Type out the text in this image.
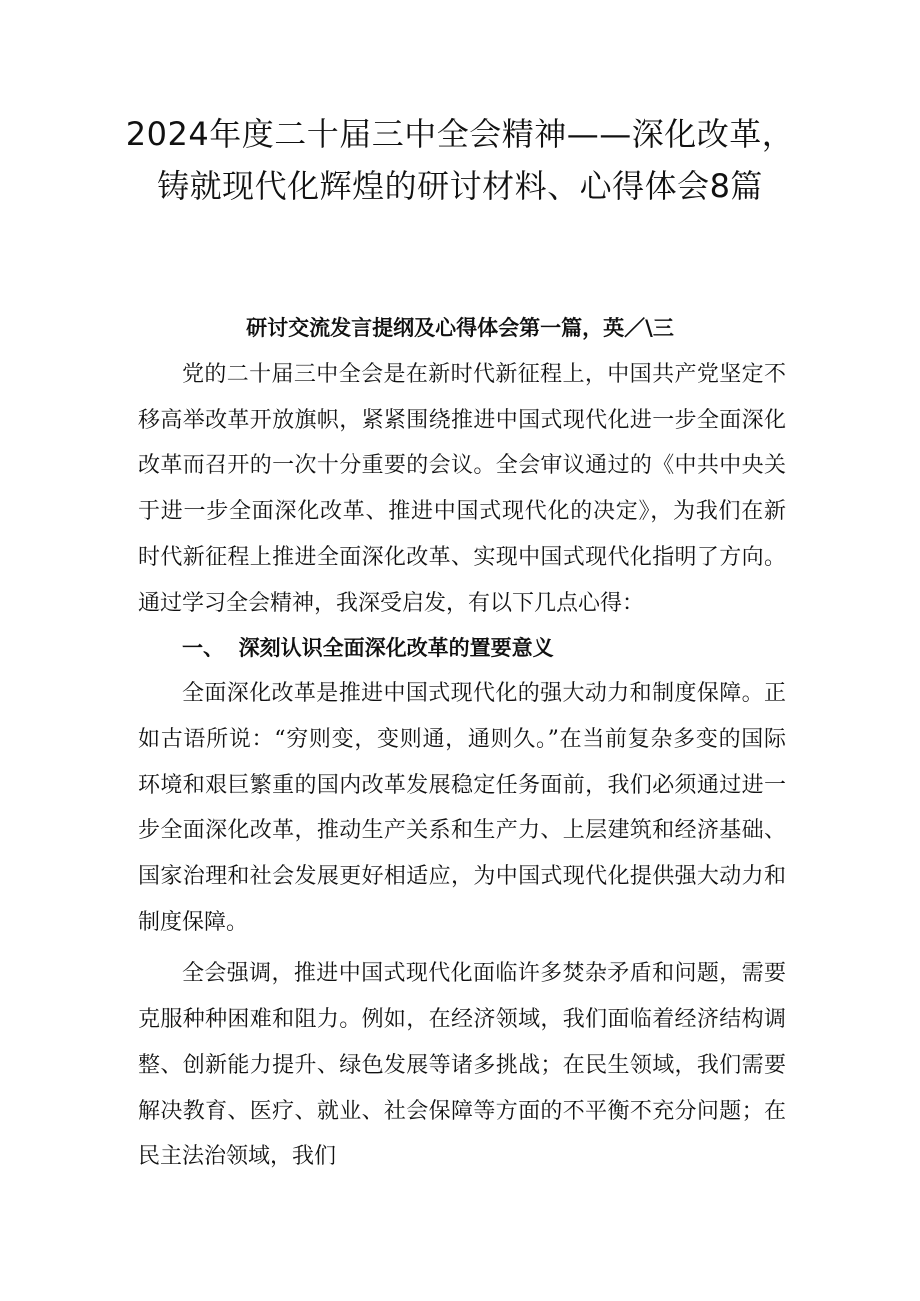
2024年度二十届三中全会精神——深化改革，铸就现代化辉煌的研讨材料、心得体会8篇
研讨交流发言提纲及心得体会第一篇，英／\三

党的二十届三中全会是在新时代新征程上，中国共产党坚定不移高举改革开放旗帜，紧紧围绕推进中国式现代化进一步全面深化改革而召开的一次十分重要的会议。全会审议通过的《中共中央关于进一步全面深化改革、推进中国式现代化的决定》，为我们在新时代新征程上推进全面深化改革、实现中国式现代化指明了方向。通过学习全会精神，我深受启发，有以下几点心得：

一、  深刻认识全面深化改革的置要意义

全面深化改革是推进中国式现代化的强大动力和制度保障。正如古语所说：“穷则变，变则通，通则久。”在当前复杂多变的国际环境和艰巨繁重的国内改革发展稳定任务面前，我们必须通过进一步全面深化改革，推动生产关系和生产力、上层建筑和经济基础、国家治理和社会发展更好相适应，为中国式现代化提供强大动力和制度保障。

全会强调，推进中国式现代化面临许多焚杂矛盾和问题，需要克服种种困难和阻力。例如，在经济领域，我们面临着经济结构调整、创新能力提升、绿色发展等诸多挑战；在民生领域，我们需要解决教育、医疗、就业、社会保障等方面的不平衡不充分问题；在民主法治领域，我们
